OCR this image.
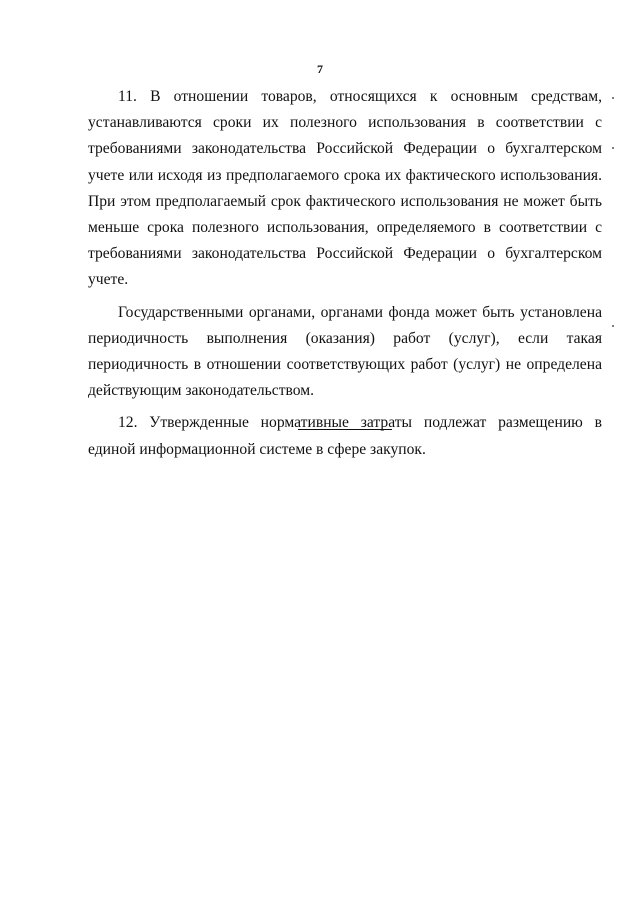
7

11. В отношении товаров, относящихся к основным средствам, устанавливаются сроки их полезного использования в соответствии с требованиями законодательства Российской Федерации о бухгалтерском учете или исходя из предполагаемого срока их фактического использования. При этом предполагаемый срок фактического использования не может быть меньше срока полезного использования, определяемого в соответствии с требованиями законодательства Российской Федерации о бухгалтерском учете.

Государственными органами, органами фонда может быть установлена периодичность выполнения (оказания) работ (услуг), если такая периодичность в отношении соответствующих работ (услуг) не определена действующим законодательством.

12. Утвержденные нормативные затраты подлежат размещению в единой информационной системе в сфере закупок.
